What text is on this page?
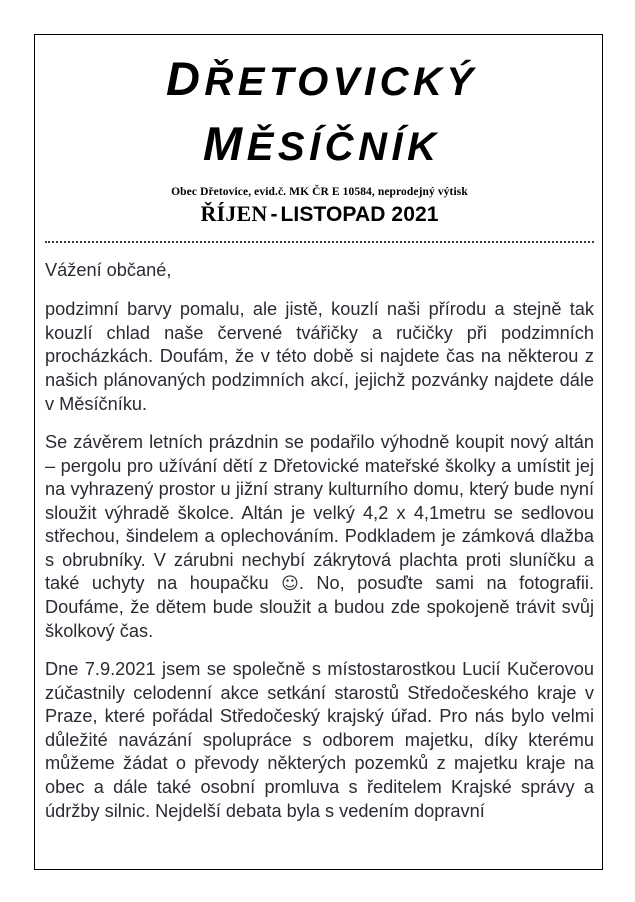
DŘETOVICKÝ
MĚSÍČNÍK
Obec Dřetovice, evid.č. MK ČR E 10584, neprodejný výtisk
ŘÍJEN - LISTOPAD 2021

Vážení občané,

podzimní barvy pomalu, ale jistě, kouzlí naši přírodu a stejně tak kouzlí chlad naše červené tvářičky a ručičky při podzimních procházkách. Doufám, že v této době si najdete čas na některou z našich plánovaných podzimních akcí, jejichž pozvánky najdete dále v Měsíčníku.

Se závěrem letních prázdnin se podařilo výhodně koupit nový altán – pergolu pro užívání dětí z Dřetovické mateřské školky a umístit jej na vyhrazený prostor u jižní strany kulturního domu, který bude nyní sloužit výhradě školce. Altán je velký 4,2 x 4,1metru se sedlovou střechou, šindelem a oplechováním. Podkladem je zámková dlažba s obrubníky. V zárubni nechybí zákrytová plachta proti sluníčku a také uchyty na houpačku ☺. No, posuďte sami na fotografii. Doufáme, že dětem bude sloužit a budou zde spokojeně trávit svůj školkový čas.

Dne 7.9.2021 jsem se společně s místostarostkou Lucií Kučerovou zúčastnily celodenní akce setkání starostů Středočeského kraje v Praze, které pořádal Středočeský krajský úřad. Pro nás bylo velmi důležité navázání spolupráce s odborem majetku, díky kterému můžeme žádat o převody některých pozemků z majetku kraje na obec a dále také osobní promluva s ředitelem Krajské správy a údržby silnic. Nejdelší debata byla s vedením dopravní
